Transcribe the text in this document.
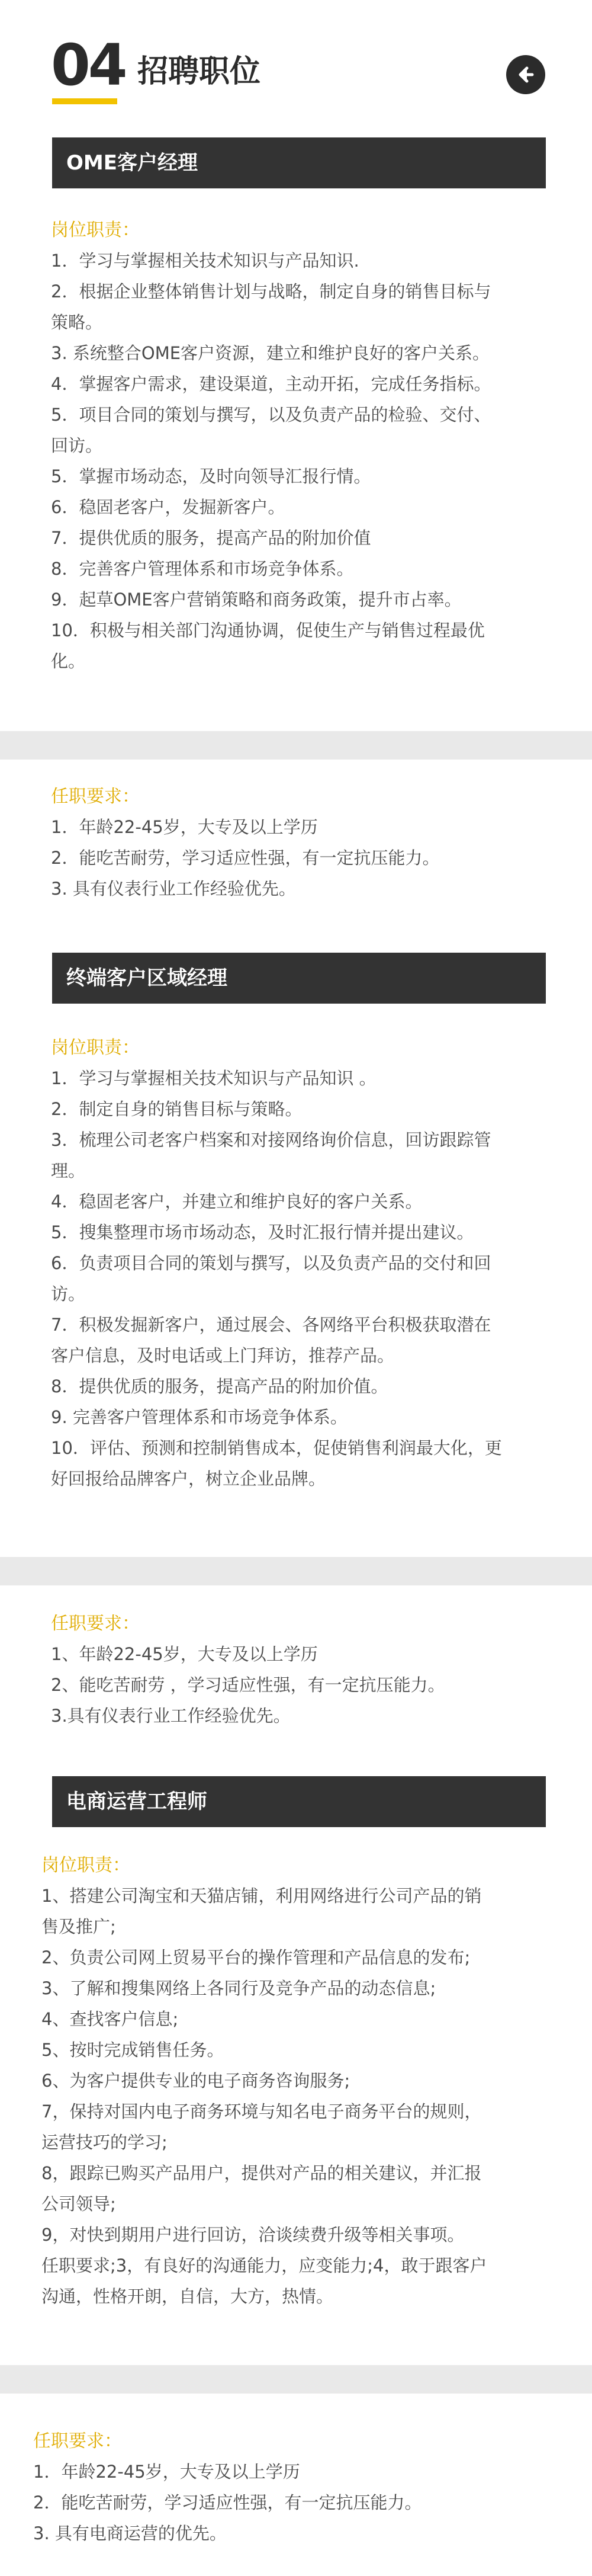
04 招聘职位
OME客户经理
岗位职责：
1．学习与掌握相关技术知识与产品知识.
2．根据企业整体销售计划与战略，制定自身的销售目标与
策略。
3. 系统整合OME客户资源，建立和维护良好的客户关系。
4．掌握客户需求，建设渠道，主动开拓，完成任务指标。
5．项目合同的策划与撰写，以及负责产品的检验、交付、
回访。
5．掌握市场动态，及时向领导汇报行情。
6．稳固老客户，发掘新客户。
7．提供优质的服务，提高产品的附加价值
8．完善客户管理体系和市场竞争体系。
9．起草OME客户营销策略和商务政策，提升市占率。
10．积极与相关部门沟通协调，促使生产与销售过程最优
化。
任职要求：
1．年龄22-45岁，大专及以上学历
2．能吃苦耐劳，学习适应性强，有一定抗压能力。
3. 具有仪表行业工作经验优先。
终端客户区域经理
岗位职责：
1．学习与掌握相关技术知识与产品知识 。
2．制定自身的销售目标与策略。
3．梳理公司老客户档案和对接网络询价信息，回访跟踪管
理。
4．稳固老客户，并建立和维护良好的客户关系。
5．搜集整理市场市场动态，及时汇报行情并提出建议。
6．负责项目合同的策划与撰写，以及负责产品的交付和回
访。
7．积极发掘新客户，通过展会、各网络平台积极获取潜在
客户信息，及时电话或上门拜访，推荐产品。
8．提供优质的服务，提高产品的附加价值。
9. 完善客户管理体系和市场竞争体系。
10．评估、预测和控制销售成本，促使销售利润最大化，更
好回报给品牌客户，树立企业品牌。
任职要求：
1、年龄22-45岁，大专及以上学历
2、能吃苦耐劳 ，学习适应性强，有一定抗压能力。
3.具有仪表行业工作经验优先。
电商运营工程师
岗位职责：
1、搭建公司淘宝和天猫店铺，利用网络进行公司产品的销
售及推广;
2、负责公司网上贸易平台的操作管理和产品信息的发布;
3、了解和搜集网络上各同行及竞争产品的动态信息;
4、查找客户信息;
5、按时完成销售任务。
6、为客户提供专业的电子商务咨询服务;
7，保持对国内电子商务环境与知名电子商务平台的规则，
运营技巧的学习;
8，跟踪已购买产品用户，提供对产品的相关建议，并汇报
公司领导;
9，对快到期用户进行回访，洽谈续费升级等相关事项。
任职要求;3，有良好的沟通能力，应变能力;4，敢于跟客户
沟通，性格开朗，自信，大方，热情。
任职要求：
1．年龄22-45岁，大专及以上学历
2．能吃苦耐劳，学习适应性强，有一定抗压能力。
3. 具有电商运营的优先。
